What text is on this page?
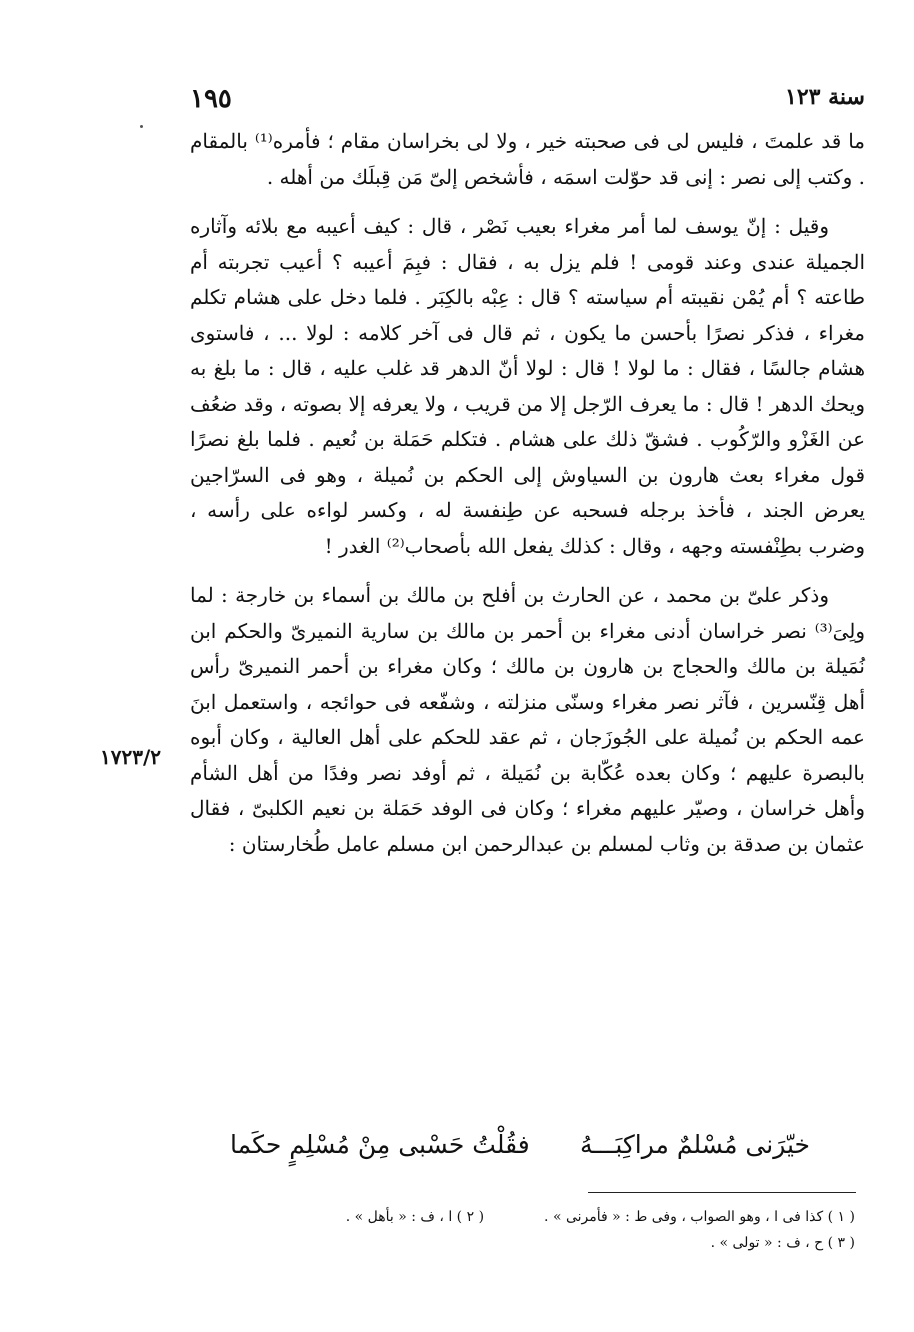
سنة ١٢٣
١٩٥

ما قد علمتَ ، فليس لى فى صحبته خير ، ولا لى بخراسان مقام ؛ فأمره⁽¹⁾ بالمقام . وكتب إلى نصر : إنى قد حوّلت اسمَه ، فأشخص إلىّ مَن قِبلَك من أهله .

وقيل : إنّ يوسف لما أمر مغراء بعيب نَصْر ، قال : كيف أعيبه مع بلائه وآثاره الجميلة عندى وعند قومى ! فلم يزل به ، فقال : فبِمَ أعيبه ؟ أعيب تجربته أم طاعته ؟ أم يُمْن نقيبته أم سياسته ؟ قال : عِبْه بالكِبَر . فلما دخل على هشام تكلم مغراء ، فذكر نصرًا بأحسن ما يكون ، ثم قال فى آخر كلامه : لولا ... ، فاستوى هشام جالسًا ، فقال : ما لولا ! قال : لولا أنّ الدهر قد غلب عليه ، قال : ما بلغ به ويحك الدهر ! قال : ما يعرف الرّجل إلا من قريب ، ولا يعرفه إلا بصوته ، وقد ضعُف عن الغَزْو والرّكُوب . فشقّ ذلك على هشام . فتكلم حَمَلة بن نُعيم . فلما بلغ نصرًا قول مغراء بعث هارون بن السياوش إلى الحكم بن نُميلة ، وهو فى السرّاجين يعرض الجند ، فأخذ برجله فسحبه عن طِنفسة له ، وكسر لواءه على رأسه ، وضرب بطِنْفسته وجهه ، وقال : كذلك يفعل الله بأصحاب⁽²⁾ الغدر !

وذكر علىّ بن محمد ، عن الحارث بن أفلح بن مالك بن أسماء بن خارجة : لما ولِىَ⁽³⁾ نصر خراسان أدنى مغراء بن أحمر بن مالك بن سارية النميرىّ والحكم ابن نُمَيلة بن مالك والحجاج بن هارون بن مالك ؛ وكان مغراء بن أحمر النميرىّ رأس أهل قِنّسرين ، فآثر نصر مغراء وسنّى منزلته ، وشفّعه فى حوائجه ، واستعمل ابنَ عمه الحكم بن نُميلة على الجُوزَجان ، ثم عقد للحكم على أهل العالية ، وكان أبوه بالبصرة عليهم ؛ وكان بعده عُكّابة بن نُمَيلة ، ثم أوفد نصر وفدًا من أهل الشأم وأهل خراسان ، وصيّر عليهم مغراء ؛ وكان فى الوفد حَمَلة بن نعيم الكلبىّ ، فقال عثمان بن صدقة بن وثاب لمسلم بن عبدالرحمن ابن مسلم عامل طُخارستان :

١٧٢٣/٢
خيّرَنى مُسْلمٌ مراكِبَـــهُ
فقُلْتُ حَسْبى مِنْ مُسْلِمٍ حكَما
( ١ ) كذا فى ا ، وهو الصواب ، وفى ط : « فأمرنى » .
( ٢ ) ا ، ف : « بأهل » .
( ٣ ) ح ، ف : « تولى » .
